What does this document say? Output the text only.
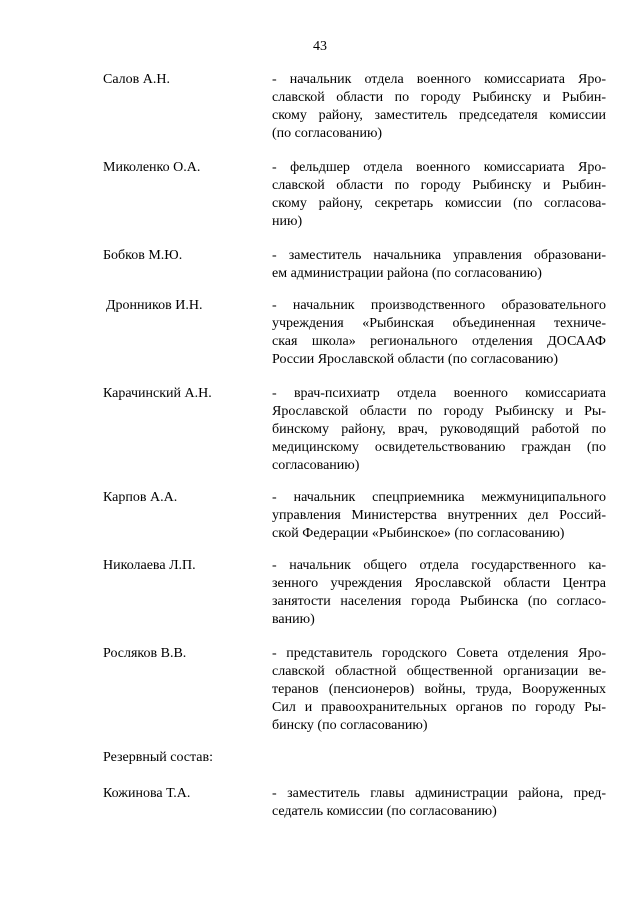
43
Салов А.Н.	- начальник отдела военного комиссариата Яро-
славской области по городу Рыбинску и Рыбин-
скому району, заместитель председателя комиссии
(по согласованию)
Миколенко О.А.	- фельдшер отдела военного комиссариата Яро-
славской области по городу Рыбинску и Рыбин-
скому району, секретарь комиссии (по согласова-
нию)
Бобков М.Ю.	- заместитель начальника управления образовани-
ем администрации района (по согласованию)
Дронников И.Н.	- начальник производственного образовательного
учреждения «Рыбинская объединенная техниче-
ская школа» регионального отделения ДОСААФ
России Ярославской области (по согласованию)
Карачинский А.Н.	- врач-психиатр отдела военного комиссариата
Ярославской области по городу Рыбинску и Ры-
бинскому району, врач, руководящий работой по
медицинскому освидетельствованию граждан (по
согласованию)
Карпов А.А.	- начальник спецприемника межмуниципального
управления Министерства внутренних дел Россий-
ской Федерации «Рыбинское» (по согласованию)
Николаева Л.П.	- начальник общего отдела государственного ка-
зенного учреждения Ярославской области Центра
занятости населения города Рыбинска (по согласо-
ванию)
Росляков В.В.	- представитель городского Совета отделения Яро-
славской областной общественной организации ве-
теранов (пенсионеров) войны, труда, Вооруженных
Сил и правоохранительных органов по городу Ры-
бинску (по согласованию)
Резервный состав:
Кожинова Т.А.	- заместитель главы администрации района, пред-
седатель комиссии (по согласованию)
